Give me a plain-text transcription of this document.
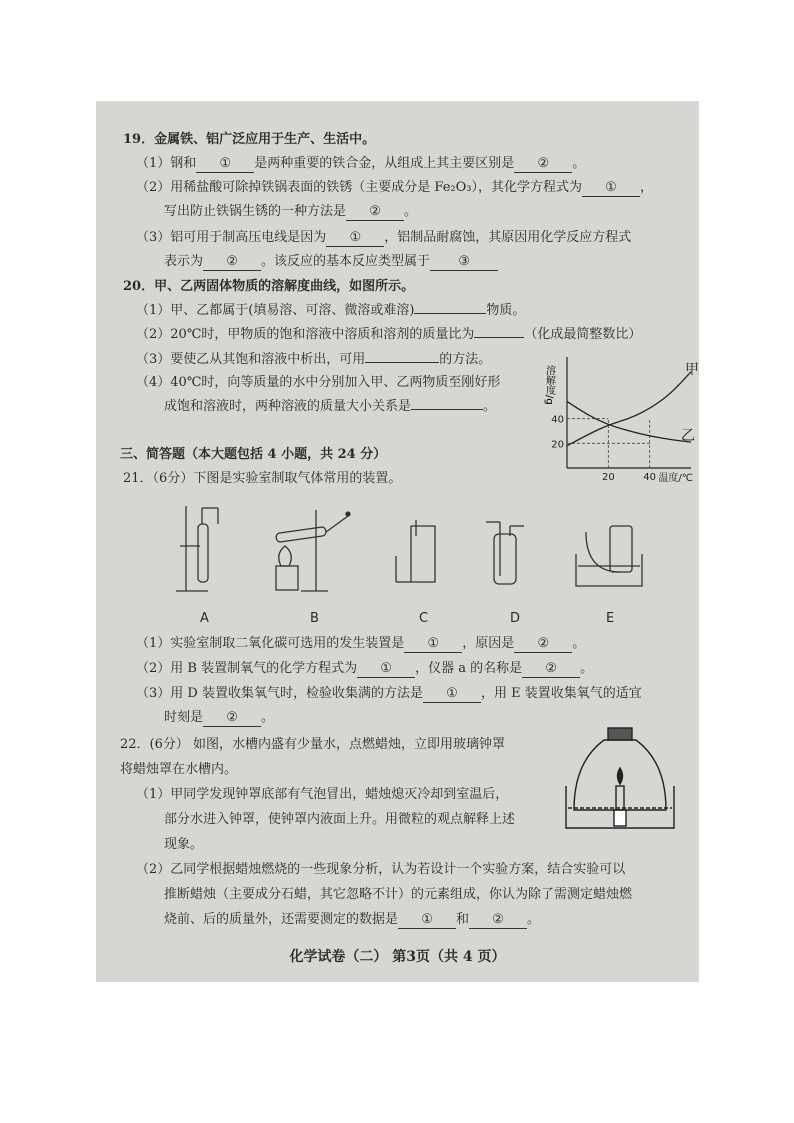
19．金属铁、铝广泛应用于生产、生活中。
（1）钢和 ① 是两种重要的铁合金，从组成上其主要区别是 ② 。
（2）用稀盐酸可除掉铁锅表面的铁锈（主要成分是 Fe₂O₃），其化学方程式为 ① ，
写出防止铁锅生锈的一种方法是 ② 。
（3）铝可用于制高压电线是因为 ① ，铝制品耐腐蚀，其原因用化学反应方程式
表示为 ② 。该反应的基本反应类型属于 ③
20．甲、乙两固体物质的溶解度曲线，如图所示。
（1）甲、乙都属于(填易溶、可溶、微溶或难溶)	物质。
（2）20℃时，甲物质的饱和溶液中溶质和溶剂的质量比为	（化成最简整数比）
（3）要使乙从其饱和溶液中析出，可用	的方法。
（4）40℃时，向等质量的水中分别加入甲、乙两物质至刚好形
成饱和溶液时，两种溶液的质量大小关系是	。
溶解度/g
40
20
20	40 温度/℃
甲
乙
三、简答题（本大题包括 4 小题，共 24 分）
21．（6分）下图是实验室制取气体常用的装置。
A	B	C	D	E
（1）实验室制取二氧化碳可选用的发生装置是 ① ，原因是 ② 。
（2）用 B 装置制氧气的化学方程式为 ① ，仪器 a 的名称是 ② 。
（3）用 D 装置收集氧气时，检验收集满的方法是 ① ，用 E 装置收集氧气的适宜
时刻是 ② 。
22．(6分） 如图，水槽内盛有少量水，点燃蜡烛，立即用玻璃钟罩
将蜡烛罩在水槽内。
（1）甲同学发现钟罩底部有气泡冒出，蜡烛熄灭冷却到室温后，
部分水进入钟罩，使钟罩内液面上升。用微粒的观点解释上述
现象。
（2）乙同学根据蜡烛燃烧的一些现象分析，认为若设计一个实验方案，结合实验可以
推断蜡烛（主要成分石蜡，其它忽略不计）的元素组成，你认为除了需测定蜡烛燃
烧前、后的质量外，还需要测定的数据是 ① 和 ② 。
化学试卷（二） 第3页（共 4 页）
